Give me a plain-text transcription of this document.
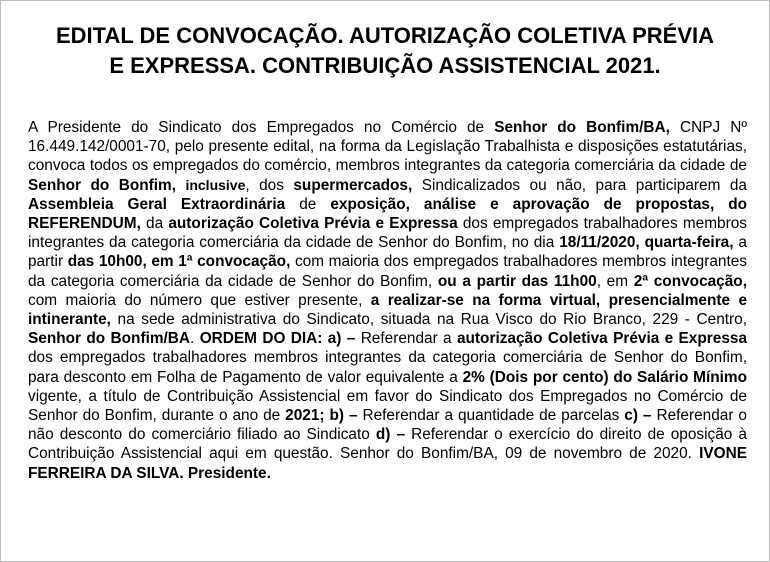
EDITAL DE CONVOCAÇÃO. AUTORIZAÇÃO COLETIVA PRÉVIA
E EXPRESSA. CONTRIBUIÇÃO ASSISTENCIAL 2021.

A Presidente do Sindicato dos Empregados no Comércio de Senhor do Bonfim/BA, CNPJ Nº 16.449.142/0001-70, pelo presente edital, na forma da Legislação Trabalhista e disposições estatutárias, convoca todos os empregados do comércio, membros integrantes da categoria comerciária da cidade de Senhor do Bonfim, inclusive, dos supermercados, Sindicalizados ou não, para participarem da Assembleia Geral Extraordinária de exposição, análise e aprovação de propostas, do REFERENDUM, da autorização Coletiva Prévia e Expressa dos empregados trabalhadores membros integrantes da categoria comerciária da cidade de Senhor do Bonfim, no dia 18/11/2020, quarta-feira, a partir das 10h00, em 1ª convocação, com maioria dos empregados trabalhadores membros integrantes da categoria comerciária da cidade de Senhor do Bonfim, ou a partir das 11h00, em 2ª convocação, com maioria do número que estiver presente, a realizar-se na forma virtual, presencialmente e intinerante, na sede administrativa do Sindicato, situada na Rua Visco do Rio Branco, 229 - Centro, Senhor do Bonfim/BA. ORDEM DO DIA: a) – Referendar a autorização Coletiva Prévia e Expressa dos empregados trabalhadores membros integrantes da categoria comerciária de Senhor do Bonfim, para desconto em Folha de Pagamento de valor equivalente a 2% (Dois por cento) do Salário Mínimo vigente, a título de Contribuição Assistencial em favor do Sindicato dos Empregados no Comércio de Senhor do Bonfim, durante o ano de 2021; b) – Referendar a quantidade de parcelas c) – Referendar o não desconto do comerciário filiado ao Sindicato d) – Referendar o exercício do direito de oposição à Contribuição Assistencial aqui em questão. Senhor do Bonfim/BA, 09 de novembro de 2020. IVONE FERREIRA DA SILVA. Presidente.
